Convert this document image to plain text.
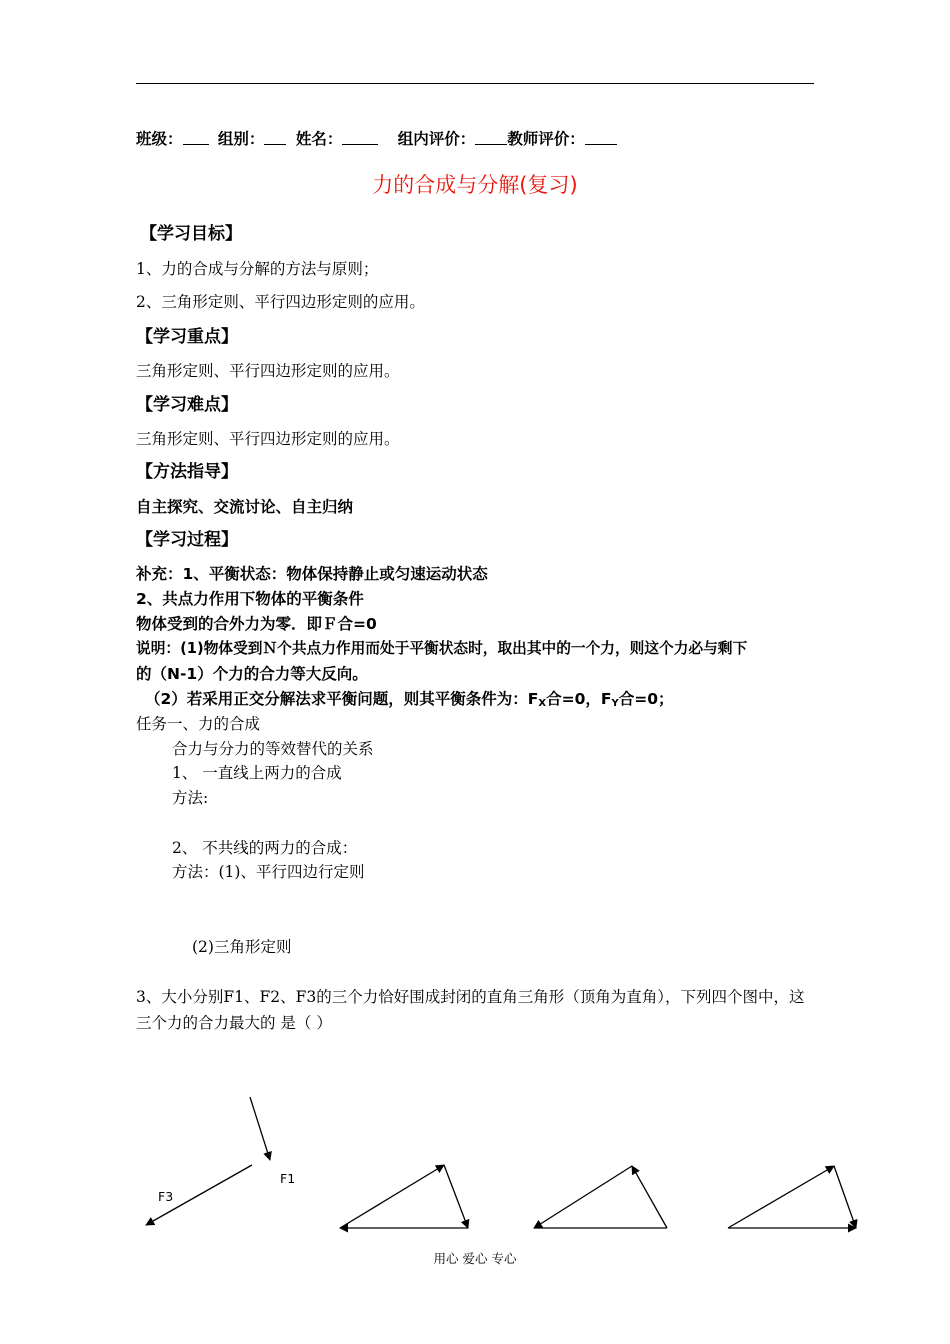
班级： 组别： 姓名：	组内评价： 教师评价：
力的合成与分解(复习)
【学习目标】
1、力的合成与分解的方法与原则；
2、三角形定则、平行四边形定则的应用。
【学习重点】
三角形定则、平行四边形定则的应用。
【学习难点】
三角形定则、平行四边形定则的应用。
【方法指导】
自主探究、交流讨论、自主归纳
【学习过程】
补充：1、平衡状态：物体保持静止或匀速运动状态
2、共点力作用下物体的平衡条件
物体受到的合外力为零．即Ｆ合=0
说明：(1)物体受到Ｎ个共点力作用而处于平衡状态时，取出其中的一个力，则这个力必与剩下
的（N-1）个力的合力等大反向。
（2）若采用正交分解法求平衡问题，则其平衡条件为：$F_X$合=0，$F_Y$合=0；
任务一、力的合成
合力与分力的等效替代的关系
1、 一直线上两力的合成
方法:
2、 不共线的两力的合成：
方法：(1)、平行四边行定则
(2)三角形定则
3、大小分别F1、F2、F3的三个力恰好围成封闭的直角三角形（顶角为直角），下列四个图中，这
三个力的合力最大的 是（ ）
F1
F3
用心 爱心 专心
